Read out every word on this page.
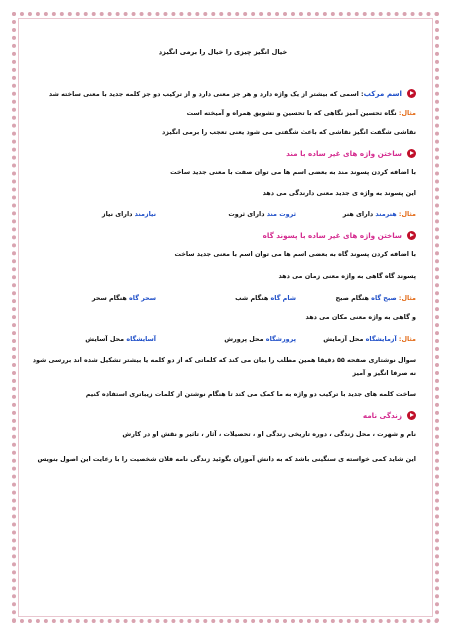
خیال انگیز چیزی را خیال را برمی انگیزد
اسم مرکب: اسمی که بیشتر از یک واژه دارد و هر جز معنی دارد و از ترکیب دو جز کلمه جدید با معنی ساخته شد
مثال: نگاه تحسین آمیز نگاهی که با تحسین و تشویق همراه و آمیخته است
نقاشی شگفت انگیز نقاشی که باعث شگفتی می شود یعنی تعجب را برمی انگیزد
ساختن واژه های غیر ساده با مند
با اضافه کردن پسوند مند به بعضی اسم ها می توان صفت با معنی جدید ساخت
این پسوند به واژه ی جدید معنی دارندگی می دهد
مثال: هنرمند دارای هنر
ثروت مند دارای ثروت
نیازمند دارای نیاز
ساختن واژه های غیر ساده با پسوند گاه
با اضافه کردن پسوند گاه به بعضی اسم ها می توان اسم با معنی جدید ساخت
پسوند گاه گاهی به واژه معنی زمان می دهد
مثال: صبح گاه هنگام صبح
شام گاه هنگام شب
سحر گاه هنگام سحر
و گاهی به واژه معنی مکان می دهد
مثال: آزمایشگاه محل آزمایش
پرورشگاه محل پرورش
آسایشگاه محل آسایش
سوال نوشتاری صفحه ۵۵ دقیقا همین مطلب را بیان می کند که کلماتی که از دو کلمه یا بیشتر تشکیل شده اند بررسی شود نه صرفا انگیز و آمیز
ساخت کلمه های جدید با ترکیب دو واژه به ما کمک می کند تا هنگام نوشتن از کلمات زیباتری استفاده کنیم
زندگی نامه
نام و شهرت ، محل زندگی ، دوره تاریخی زندگی او ، تحصیلات ، آثار ، تاثیر و نقش او در کارش
این شاید کمی خواسته ی سنگینی باشد که به دانش آموزان بگوئید زندگی نامه فلان شخصیت را با رعایت این اصول بنویس
